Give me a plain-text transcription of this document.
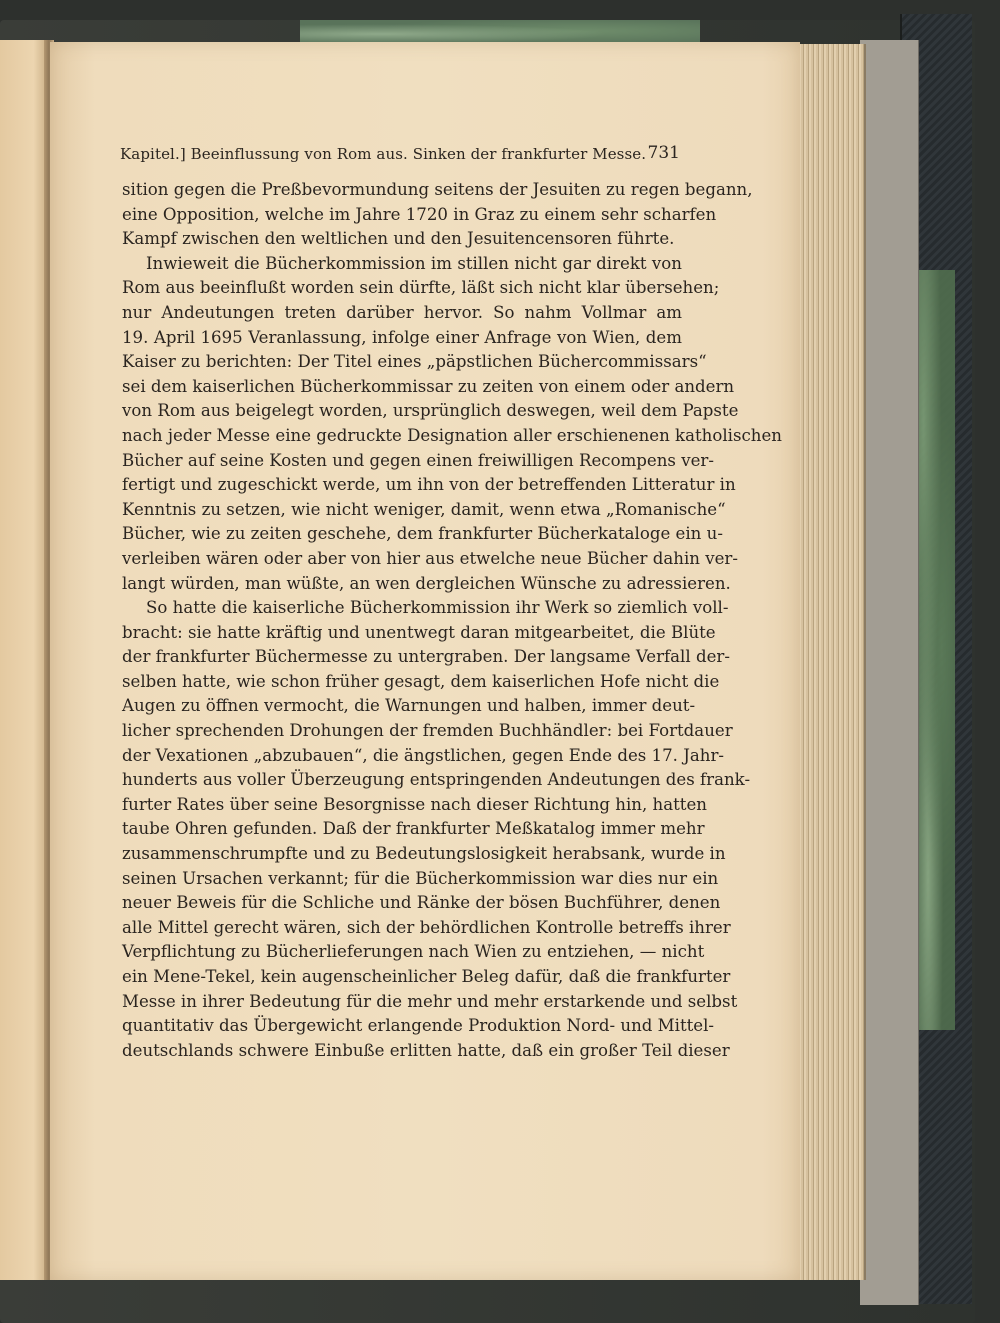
Kapitel.] Beeinflussung von Rom aus. Sinken der frankfurter Messe. 731
sition gegen die Preßbevormundung seitens der Jesuiten zu regen begann,
eine Opposition, welche im Jahre 1720 in Graz zu einem sehr scharfen
Kampf zwischen den weltlichen und den Jesuitencensoren führte.
Inwieweit die Bücherkommission im stillen nicht gar direkt von
Rom aus beeinflußt worden sein dürfte, läßt sich nicht klar übersehen;
nur Andeutungen treten darüber hervor. So nahm Vollmar am
19. April 1695 Veranlassung, infolge einer Anfrage von Wien, dem
Kaiser zu berichten: Der Titel eines „päpstlichen Büchercommissars“
sei dem kaiserlichen Bücherkommissar zu zeiten von einem oder andern
von Rom aus beigelegt worden, ursprünglich deswegen, weil dem Papste
nach jeder Messe eine gedruckte Designation aller erschienenen katholischen
Bücher auf seine Kosten und gegen einen freiwilligen Recompens ver-
fertigt und zugeschickt werde, um ihn von der betreffenden Litteratur in
Kenntnis zu setzen, wie nicht weniger, damit, wenn etwa „Romanische“
Bücher, wie zu zeiten geschehe, dem frankfurter Bücherkataloge ein u-
verleiben wären oder aber von hier aus etwelche neue Bücher dahin ver-
langt würden, man wüßte, an wen dergleichen Wünsche zu adressieren.
So hatte die kaiserliche Bücherkommission ihr Werk so ziemlich voll-
bracht: sie hatte kräftig und unentwegt daran mitgearbeitet, die Blüte
der frankfurter Büchermesse zu untergraben. Der langsame Verfall der-
selben hatte, wie schon früher gesagt, dem kaiserlichen Hofe nicht die
Augen zu öffnen vermocht, die Warnungen und halben, immer deut-
licher sprechenden Drohungen der fremden Buchhändler: bei Fortdauer
der Vexationen „abzubauen“, die ängstlichen, gegen Ende des 17. Jahr-
hunderts aus voller Überzeugung entspringenden Andeutungen des frank-
furter Rates über seine Besorgnisse nach dieser Richtung hin, hatten
taube Ohren gefunden. Daß der frankfurter Meßkatalog immer mehr
zusammenschrumpfte und zu Bedeutungslosigkeit herabsank, wurde in
seinen Ursachen verkannt; für die Bücherkommission war dies nur ein
neuer Beweis für die Schliche und Ränke der bösen Buchführer, denen
alle Mittel gerecht wären, sich der behördlichen Kontrolle betreffs ihrer
Verpflichtung zu Bücherlieferungen nach Wien zu entziehen, — nicht
ein Mene-Tekel, kein augenscheinlicher Beleg dafür, daß die frankfurter
Messe in ihrer Bedeutung für die mehr und mehr erstarkende und selbst
quantitativ das Übergewicht erlangende Produktion Nord- und Mittel-
deutschlands schwere Einbuße erlitten hatte, daß ein großer Teil dieser
